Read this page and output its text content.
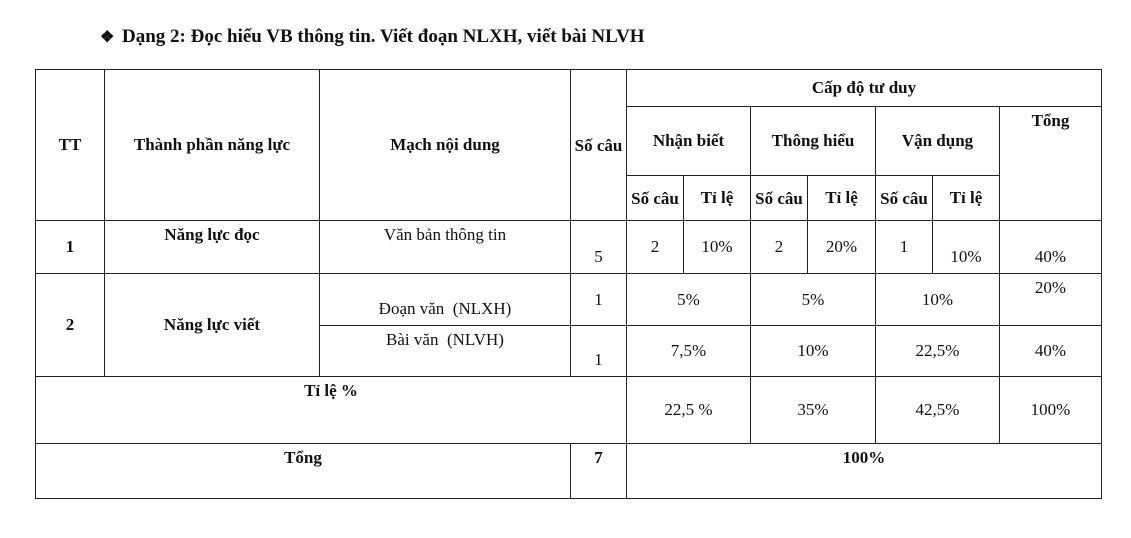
❖ Dạng 2: Đọc hiểu VB thông tin. Viết đoạn NLXH, viết bài NLVH
TT	Thành phần năng lực	Mạch nội dung	Số câu	Cấp độ tư duy						
				Nhận biết		Thông hiểu		Vận dụng		Tổng
				Số câu	Tỉ lệ	Số câu	Tỉ lệ	Số câu	Tỉ lệ	
1	Năng lực đọc	Văn bản thông tin	5	2	10%	2	20%	1	10%	40%
2	Năng lực viết	Đoạn văn  (NLXH)	1	5%		5%		10%		20%
		Bài văn  (NLVH)	1	7,5%		10%		22,5%		40%
Tỉ lệ %				22,5 %		35%		42,5%		100%
Tổng			7	100%						
